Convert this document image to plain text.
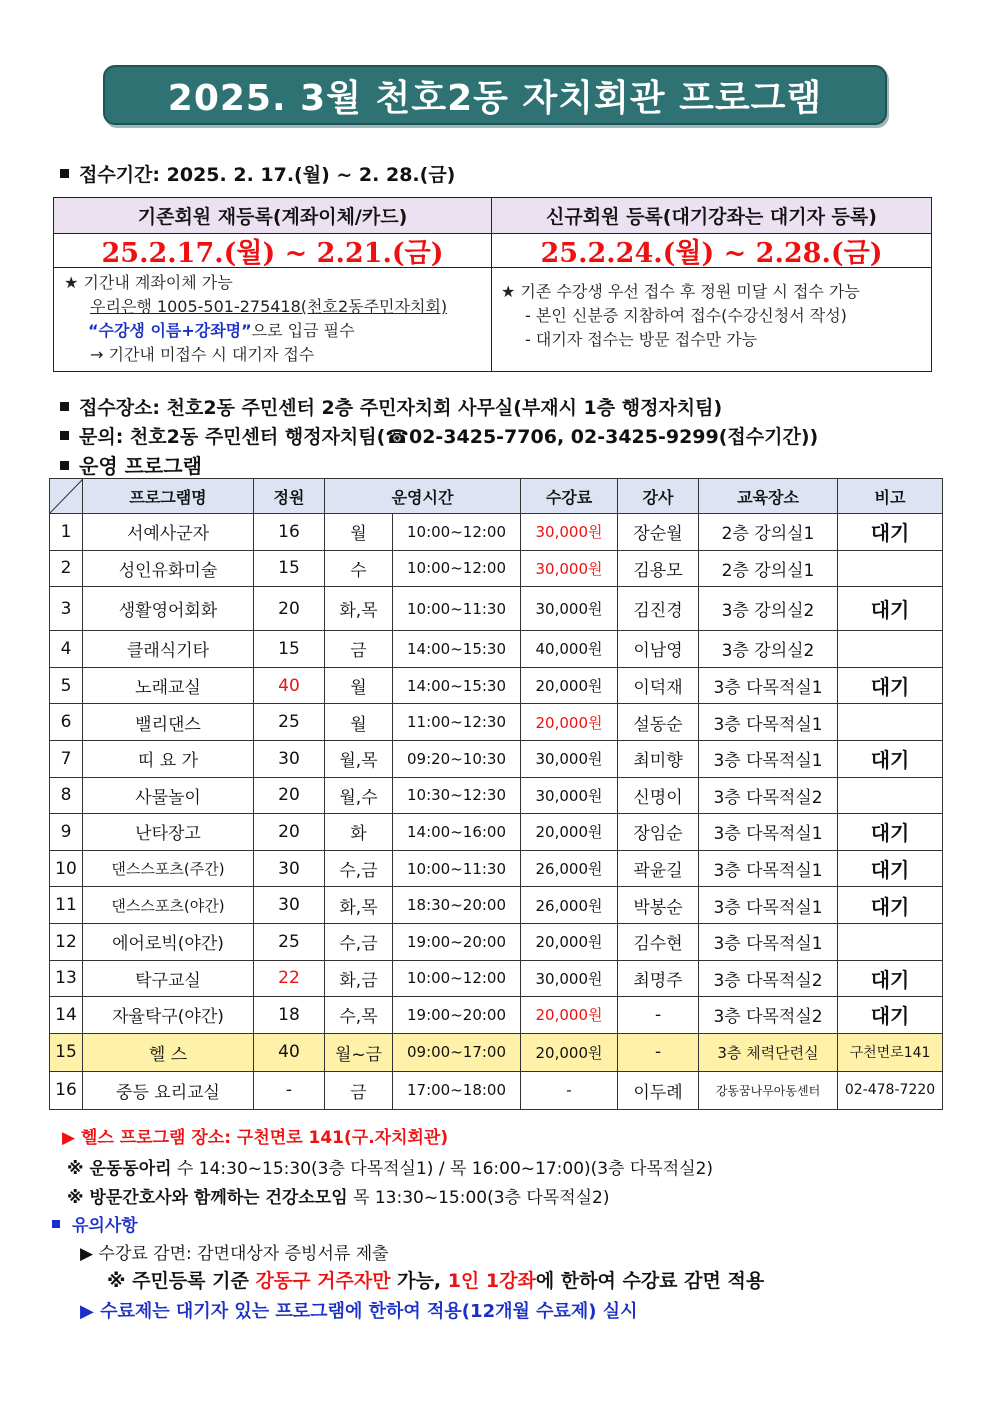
2025. 3월 천호2동 자치회관 프로그램
접수기간: 2025. 2. 17.(월) ~ 2. 28.(금)
기존회원 재등록(계좌이체/카드)	신규회원 등록(대기강좌는 대기자 등록)
25.2.17.(월) ~ 2.21.(금)	25.2.24.(월) ~ 2.28.(금)
★ 기간내 계좌이체 가능
우리은행 1005-501-275418(천호2동주민자치회)
“수강생 이름+강좌명”으로 입금 필수
→ 기간내 미접수 시 대기자 접수
★ 기존 수강생 우선 접수 후 정원 미달 시 접수 가능
- 본인 신분증 지참하여 접수(수강신청서 작성)
- 대기자 접수는 방문 접수만 가능
접수장소: 천호2동 주민센터 2층 주민자치회 사무실(부재시 1층 행정자치팀)
문의: 천호2동 주민센터 행정자치팀(☎02-3425-7706, 02-3425-9299(접수기간))
운영 프로그램
	프로그램명	정원	운영시간		수강료	강사	교육장소	비고
1	서예사군자	16	월	10:00~12:00	30,000원	장순월	2층 강의실1	대기
2	성인유화미술	15	수	10:00~12:00	30,000원	김용모	2층 강의실1	
3	생활영어회화	20	화,목	10:00~11:30	30,000원	김진경	3층 강의실2	대기
4	클래식기타	15	금	14:00~15:30	40,000원	이남영	3층 강의실2	
5	노래교실	40	월	14:00~15:30	20,000원	이덕재	3층 다목적실1	대기
6	밸리댄스	25	월	11:00~12:30	20,000원	설동순	3층 다목적실1	
7	띠 요 가	30	월,목	09:20~10:30	30,000원	최미향	3층 다목적실1	대기
8	사물놀이	20	월,수	10:30~12:30	30,000원	신명이	3층 다목적실2	
9	난타장고	20	화	14:00~16:00	20,000원	장임순	3층 다목적실1	대기
10	댄스스포츠(주간)	30	수,금	10:00~11:30	26,000원	곽윤길	3층 다목적실1	대기
11	댄스스포츠(야간)	30	화,목	18:30~20:00	26,000원	박봉순	3층 다목적실1	대기
12	에어로빅(야간)	25	수,금	19:00~20:00	20,000원	김수현	3층 다목적실1	
13	탁구교실	22	화,금	10:00~12:00	30,000원	최명주	3층 다목적실2	대기
14	자율탁구(야간)	18	수,목	19:00~20:00	20,000원	-	3층 다목적실2	대기
15	헬 스	40	월~금	09:00~17:00	20,000원	-	3층 체력단련실	구천면로141
16	중등 요리교실	-	금	17:00~18:00	-	이두례	강동꿈나무아동센터	02-478-7220
▶ 헬스 프로그램 장소: 구천면로 141(구.자치회관)
※ 운동동아리 수 14:30~15:30(3층 다목적실1) / 목 16:00~17:00)(3층 다목적실2)
※ 방문간호사와 함께하는 건강소모임 목 13:30~15:00(3층 다목적실2)
유의사항
▶ 수강료 감면: 감면대상자 증빙서류 제출
※ 주민등록 기준 강동구 거주자만 가능, 1인 1강좌에 한하여 수강료 감면 적용
▶ 수료제는 대기자 있는 프로그램에 한하여 적용(12개월 수료제) 실시
